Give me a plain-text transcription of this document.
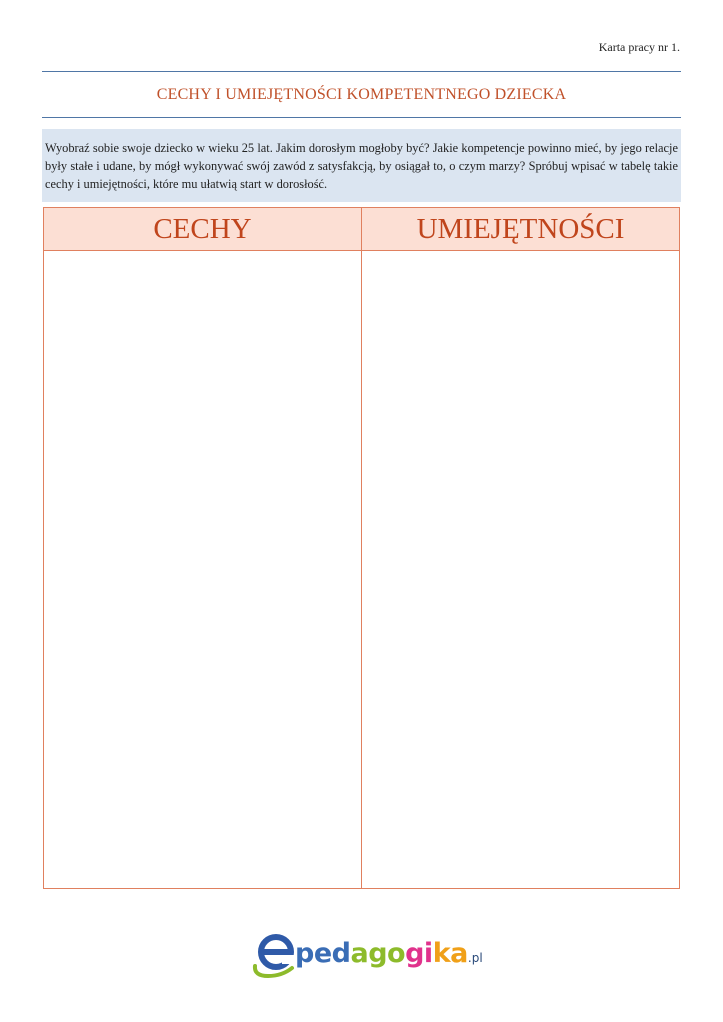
Karta pracy nr 1.
CECHY I UMIEJĘTNOŚCI KOMPETENTNEGO DZIECKA
Wyobraź sobie swoje dziecko w wieku 25 lat. Jakim dorosłym mogłoby być? Jakie kompetencje powinno mieć, by jego relacje były stałe i udane, by mógł wykonywać swój zawód z satysfakcją, by osiągał to, o czym marzy? Spróbuj wpisać w tabelę takie cechy i umiejętności, które mu ułatwią start w dorosłość.
CECHY	UMIEJĘTNOŚCI

pedagogika.pl
